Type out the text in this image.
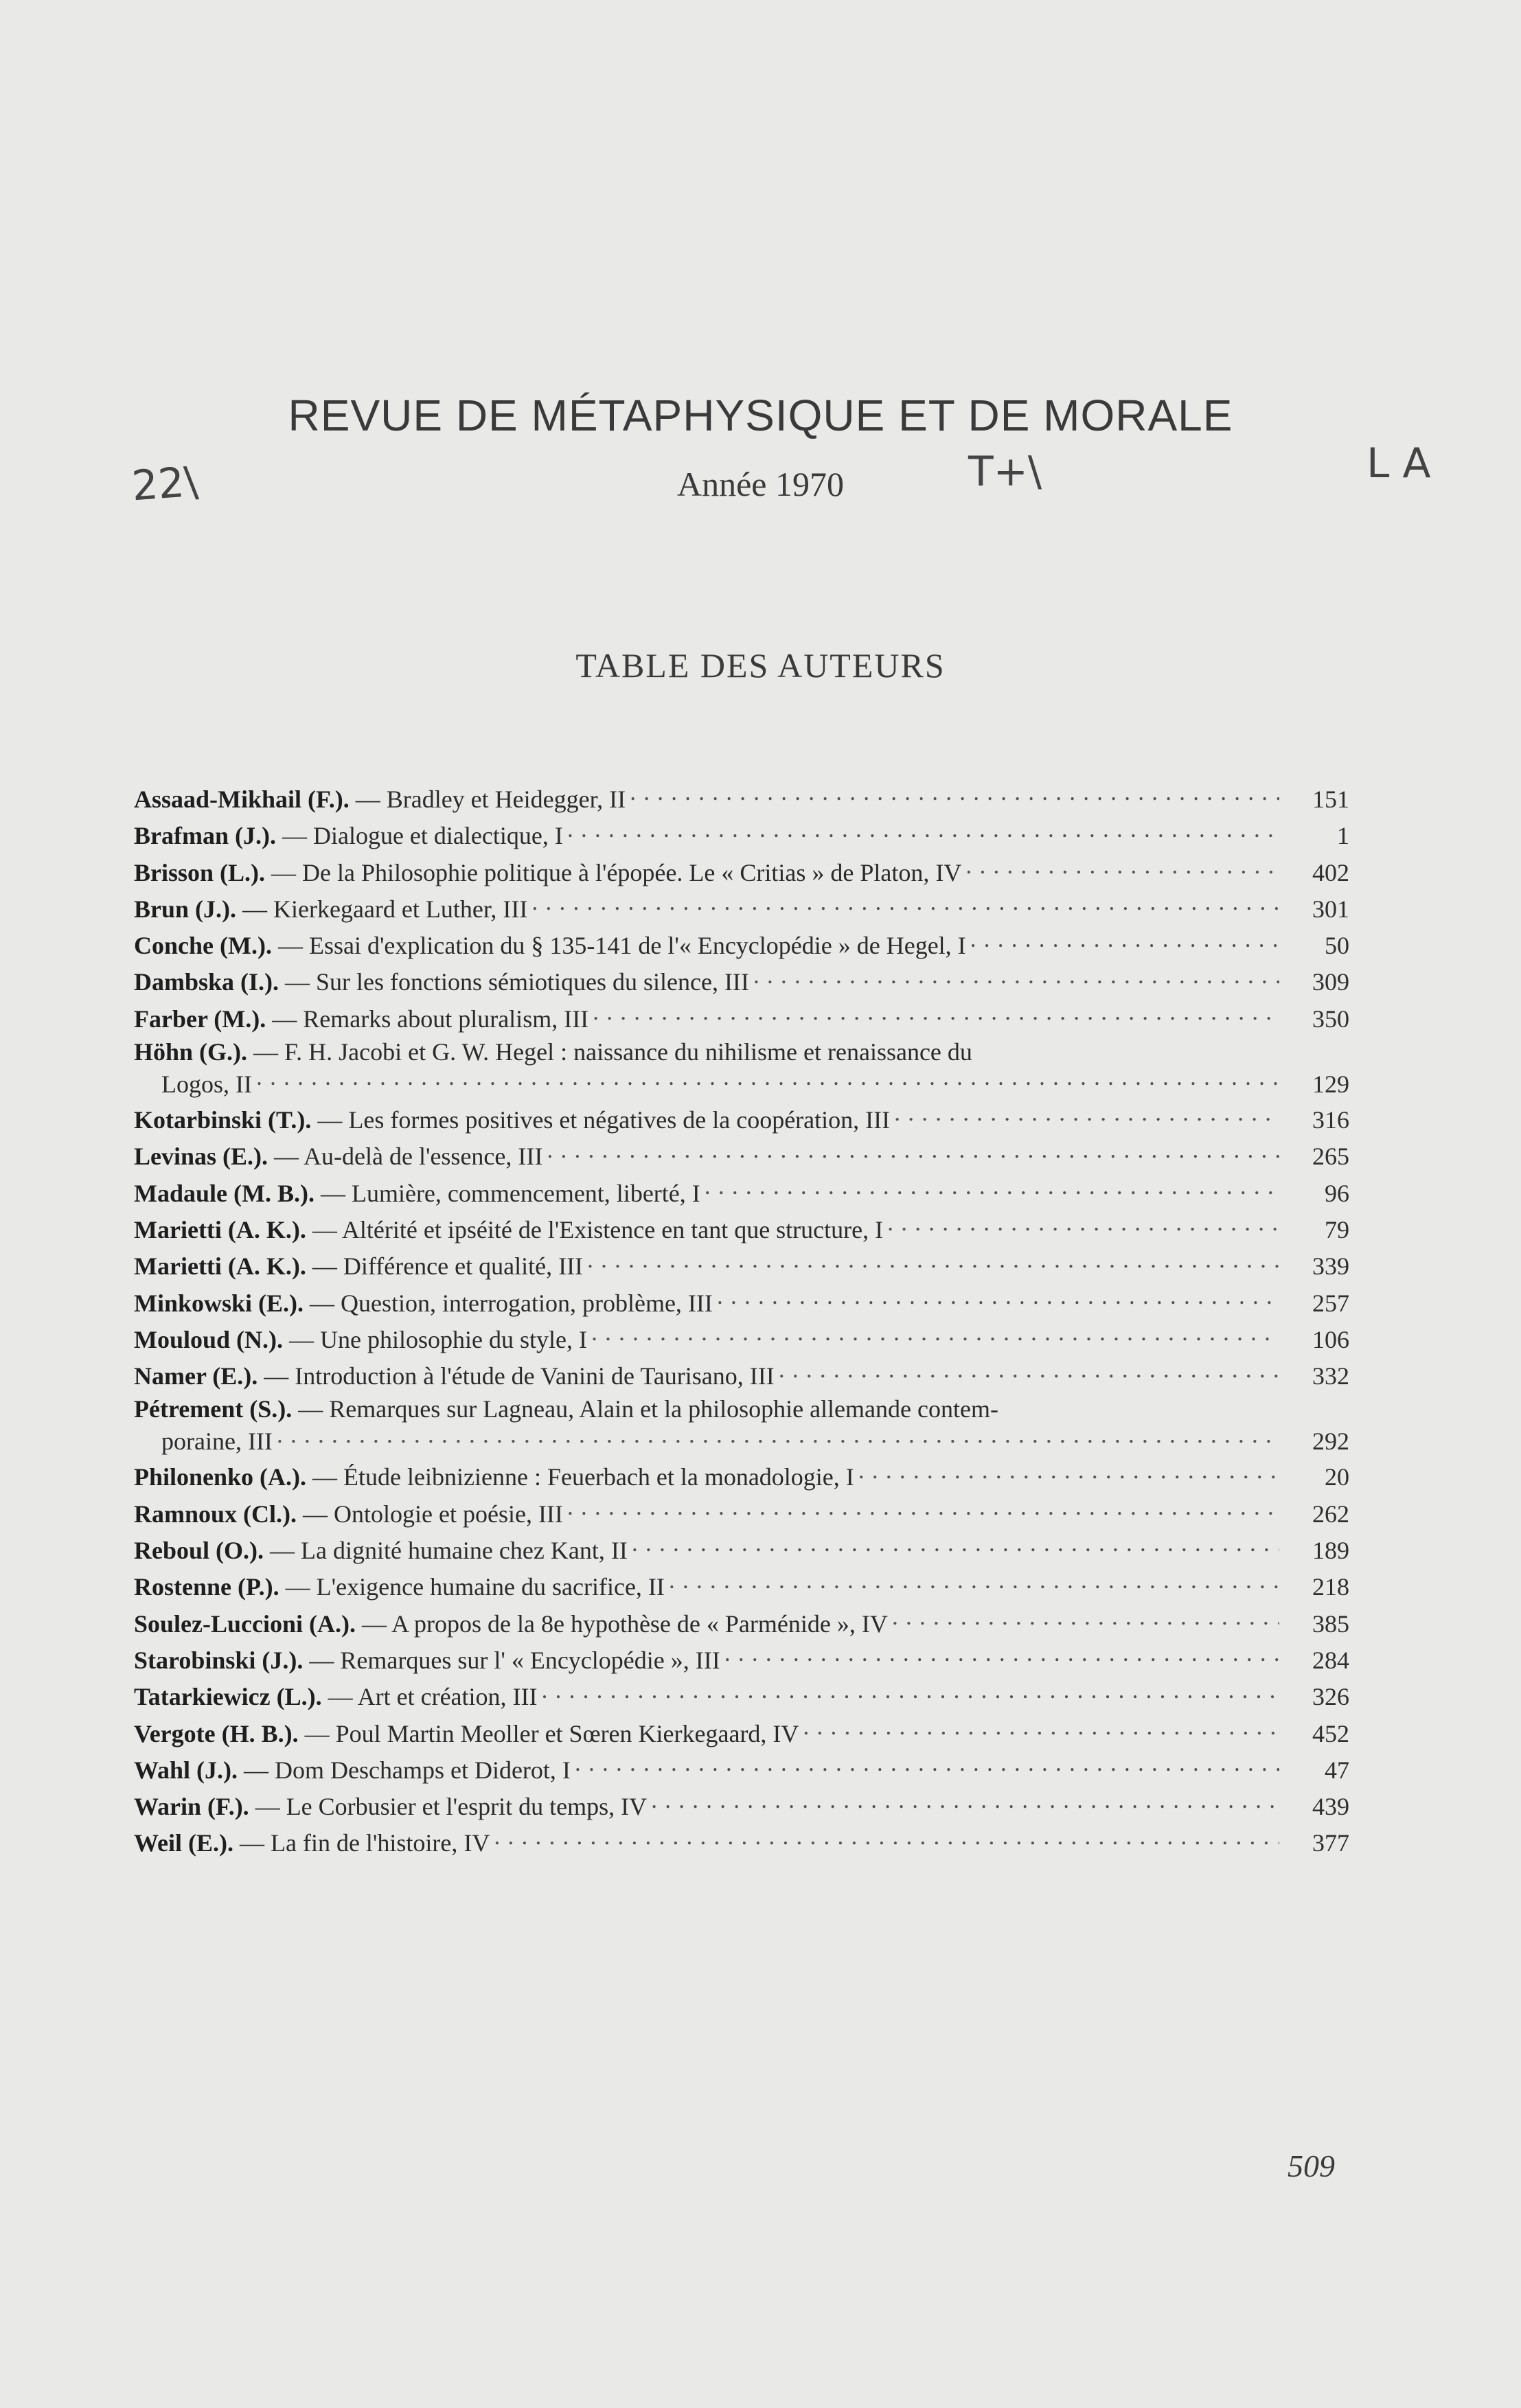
REVUE DE MÉTAPHYSIQUE ET DE MORALE
Année 1970
22\	T+\	L A
TABLE DES AUTEURS
Assaad-Mikhail (F.). — Bradley et Heidegger, II . . .	151
Brafman (J.). — Dialogue et dialectique, I . . .	1
Brisson (L.). — De la Philosophie politique à l'épopée. Le « Critias » de Platon, IV . . .	402
Brun (J.). — Kierkegaard et Luther, III . . .	301
Conche (M.). — Essai d'explication du § 135-141 de l'« Encyclopédie » de Hegel, I . . .	50
Dambska (I.). — Sur les fonctions sémiotiques du silence, III . . .	309
Farber (M.). — Remarks about pluralism, III . . .	350
Höhn (G.). — F. H. Jacobi et G. W. Hegel : naissance du nihilisme et renaissance du
Logos, II . . .	129
Kotarbinski (T.). — Les formes positives et négatives de la coopération, III . . .	316
Levinas (E.). — Au-delà de l'essence, III . . .	265
Madaule (M. B.). — Lumière, commencement, liberté, I . . .	96
Marietti (A. K.). — Altérité et ipséité de l'Existence en tant que structure, I . . .	79
Marietti (A. K.). — Différence et qualité, III . . .	339
Minkowski (E.). — Question, interrogation, problème, III . . .	257
Mouloud (N.). — Une philosophie du style, I . . .	106
Namer (E.). — Introduction à l'étude de Vanini de Taurisano, III . . .	332
Pétrement (S.). — Remarques sur Lagneau, Alain et la philosophie allemande contem-
poraine, III . . .	292
Philonenko (A.). — Étude leibnizienne : Feuerbach et la monadologie, I . . .	20
Ramnoux (Cl.). — Ontologie et poésie, III . . .	262
Reboul (O.). — La dignité humaine chez Kant, II . . .	189
Rostenne (P.). — L'exigence humaine du sacrifice, II . . .	218
Soulez-Luccioni (A.). — A propos de la 8e hypothèse de « Parménide », IV . . .	385
Starobinski (J.). — Remarques sur l' « Encyclopédie », III . . .	284
Tatarkiewicz (L.). — Art et création, III . . .	326
Vergote (H. B.). — Poul Martin Meoller et Sœren Kierkegaard, IV . . .	452
Wahl (J.). — Dom Deschamps et Diderot, I . . .	47
Warin (F.). — Le Corbusier et l'esprit du temps, IV . . .	439
Weil (E.). — La fin de l'histoire, IV . . .	377
509
